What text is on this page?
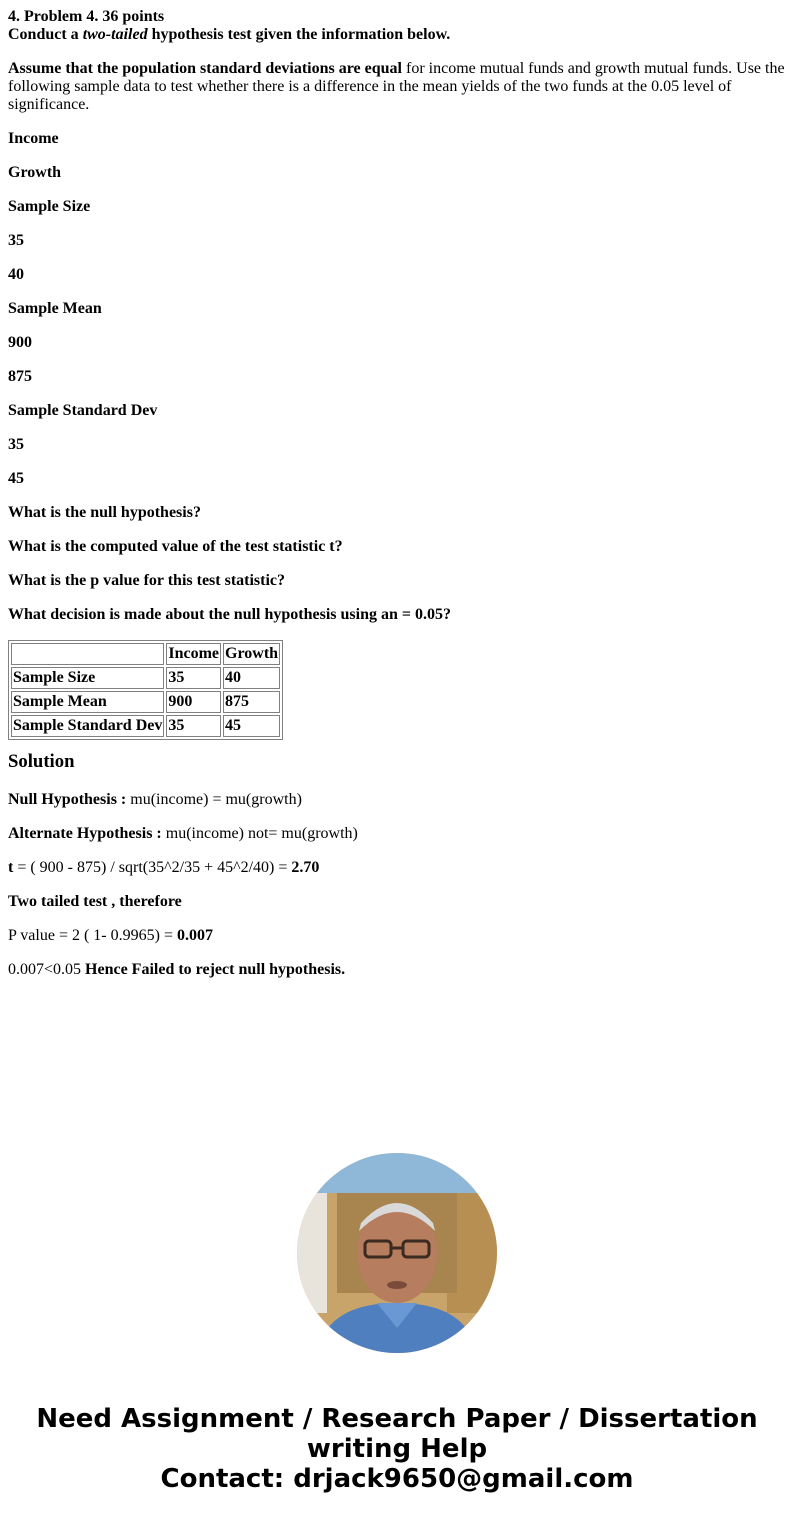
4. Problem 4. 36 points
Conduct a two-tailed hypothesis test given the information below.
Assume that the population standard deviations are equal for income mutual funds and growth mutual funds. Use the following sample data to test whether there is a difference in the mean yields of the two funds at the 0.05 level of significance.
Income
Growth
Sample Size
35
40
Sample Mean
900
875
Sample Standard Dev
35
45
What is the null hypothesis?
What is the computed value of the test statistic t?
What is the p value for this test statistic?
What decision is made about the null hypothesis using an = 0.05?
	Income	Growth
Sample Size	35	40
Sample Mean	900	875
Sample Standard Dev	35	45
Solution
Null Hypothesis : mu(income) = mu(growth)
Alternate Hypothesis : mu(income) not= mu(growth)
t = ( 900 - 875) / sqrt(35^2/35 + 45^2/40) = 2.70
Two tailed test , therefore
P value = 2 ( 1- 0.9965) = 0.007
0.007<0.05 Hence Failed to reject null hypothesis.
Need Assignment / Research Paper / Dissertation
writing Help
Contact: drjack9650@gmail.com
